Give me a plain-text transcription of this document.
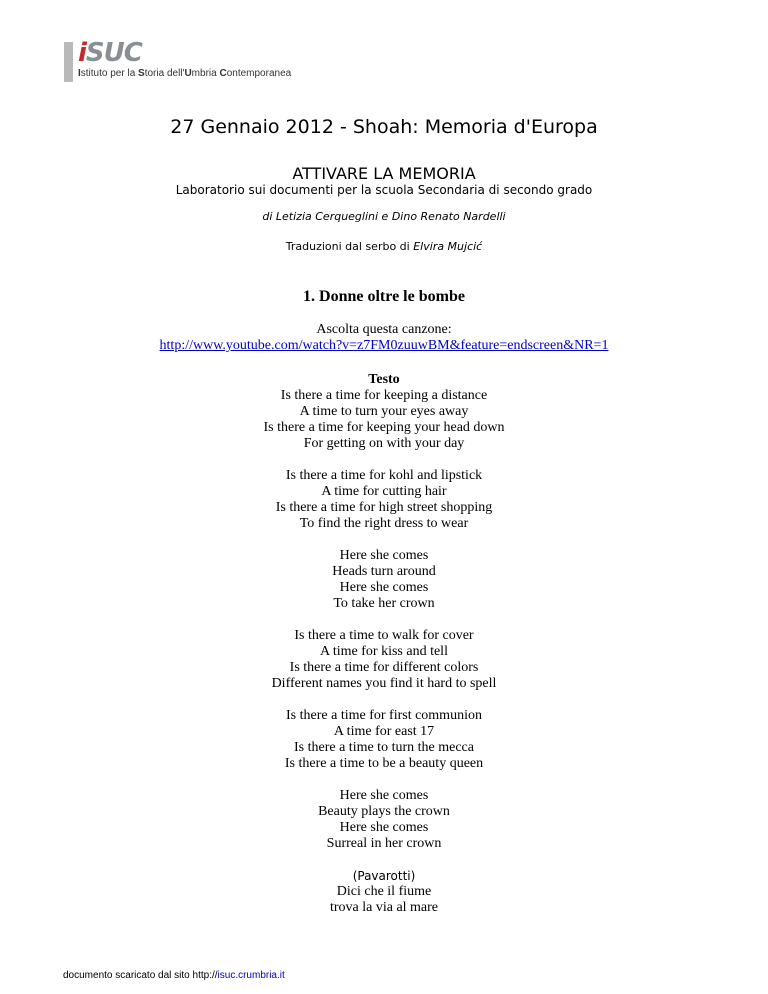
iSUC
Istituto per la Storia dell'Umbria Contemporanea
27 Gennaio 2012 - Shoah: Memoria d'Europa
ATTIVARE LA MEMORIA
Laboratorio sui documenti per la scuola Secondaria di secondo grado
di Letizia Cerqueglini e Dino Renato Nardelli
Traduzioni dal serbo di Elvira Mujcić
1. Donne oltre le bombe
Ascolta questa canzone:
http://www.youtube.com/watch?v=z7FM0zuuwBM&feature=endscreen&NR=1
Testo
Is there a time for keeping a distance
A time to turn your eyes away
Is there a time for keeping your head down
For getting on with your day
Is there a time for kohl and lipstick
A time for cutting hair
Is there a time for high street shopping
To find the right dress to wear
Here she comes
Heads turn around
Here she comes
To take her crown
Is there a time to walk for cover
A time for kiss and tell
Is there a time for different colors
Different names you find it hard to spell
Is there a time for first communion
A time for east 17
Is there a time to turn the mecca
Is there a time to be a beauty queen
Here she comes
Beauty plays the crown
Here she comes
Surreal in her crown
(Pavarotti)
Dici che il fiume
trova la via al mare
documento scaricato dal sito http://isuc.crumbria.it
